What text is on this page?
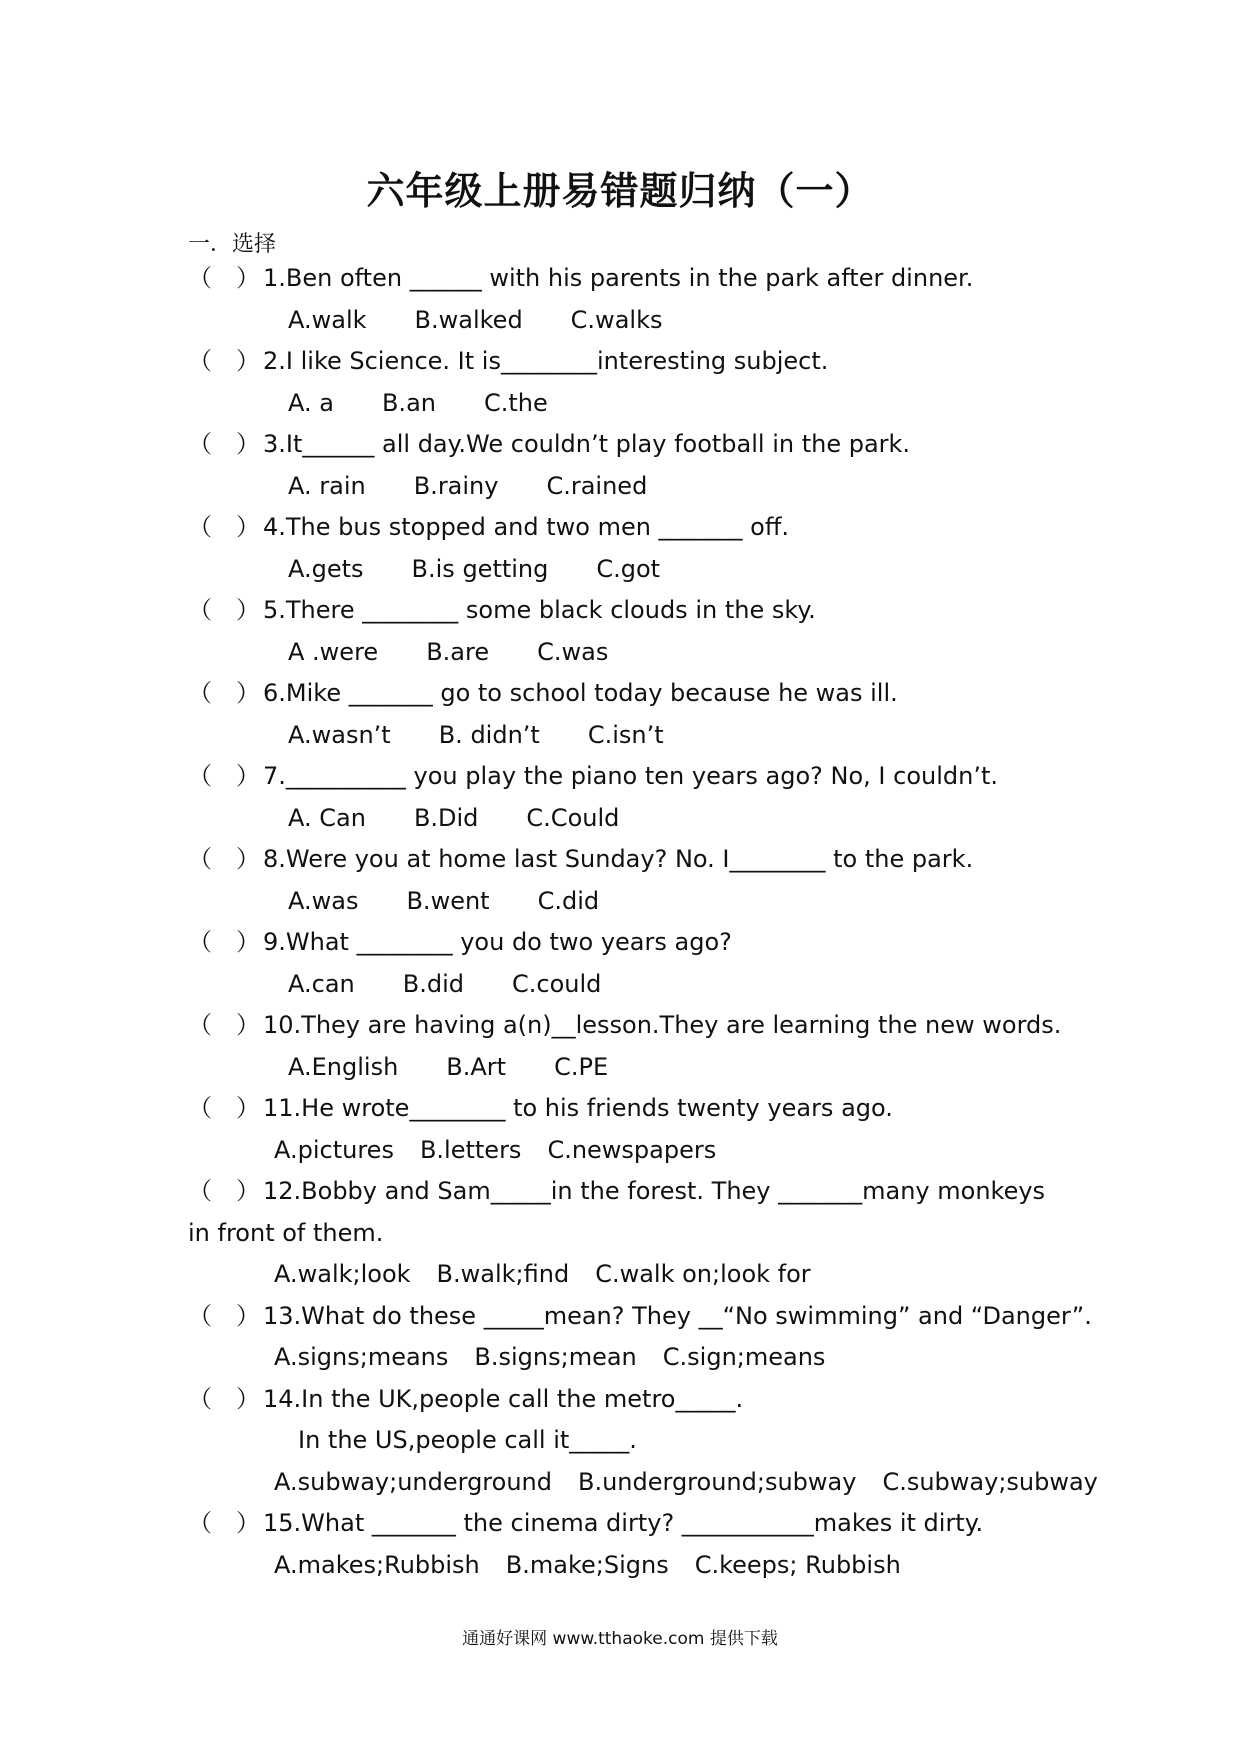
六年级上册易错题归纳（一）
一．选择
（　） 1.Ben often ______ with his parents in the park after dinner.
A.walk B.walked C.walks
（　） 2.I like Science. It is________interesting subject.
A. a B.an C.the
（　） 3.It______ all day.We couldn’t play football in the park.
A. rain B.rainy C.rained
（　） 4.The bus stopped and two men _______ off.
A.gets B.is getting C.got
（　） 5.There ________ some black clouds in the sky.
A .were B.are C.was
（　） 6.Mike _______ go to school today because he was ill.
A.wasn’t B. didn’t C.isn’t
（　） 7.__________ you play the piano ten years ago? No, I couldn’t.
A. Can B.Did C.Could
（　） 8.Were you at home last Sunday? No. I________ to the park.
A.was B.went C.did
（　） 9.What ________ you do two years ago?
A.can B.did C.could
（　） 10.They are having a(n)__lesson.They are learning the new words.
A.English B.Art C.PE
（　） 11.He wrote________ to his friends twenty years ago.
A.pictures B.letters C.newspapers
（　） 12.Bobby and Sam_____in the forest. They _______many monkeys
in front of them.
A.walk;look B.walk;find C.walk on;look for
（　） 13.What do these _____mean? They __“No swimming” and “Danger”.
A.signs;means B.signs;mean C.sign;means
（　） 14.In the UK,people call the metro_____.
In the US,people call it_____.
A.subway;underground B.underground;subway C.subway;subway
（　） 15.What _______ the cinema dirty? ___________makes it dirty.
A.makes;Rubbish B.make;Signs C.keeps; Rubbish
通通好课网 www.tthaoke.com 提供下载
